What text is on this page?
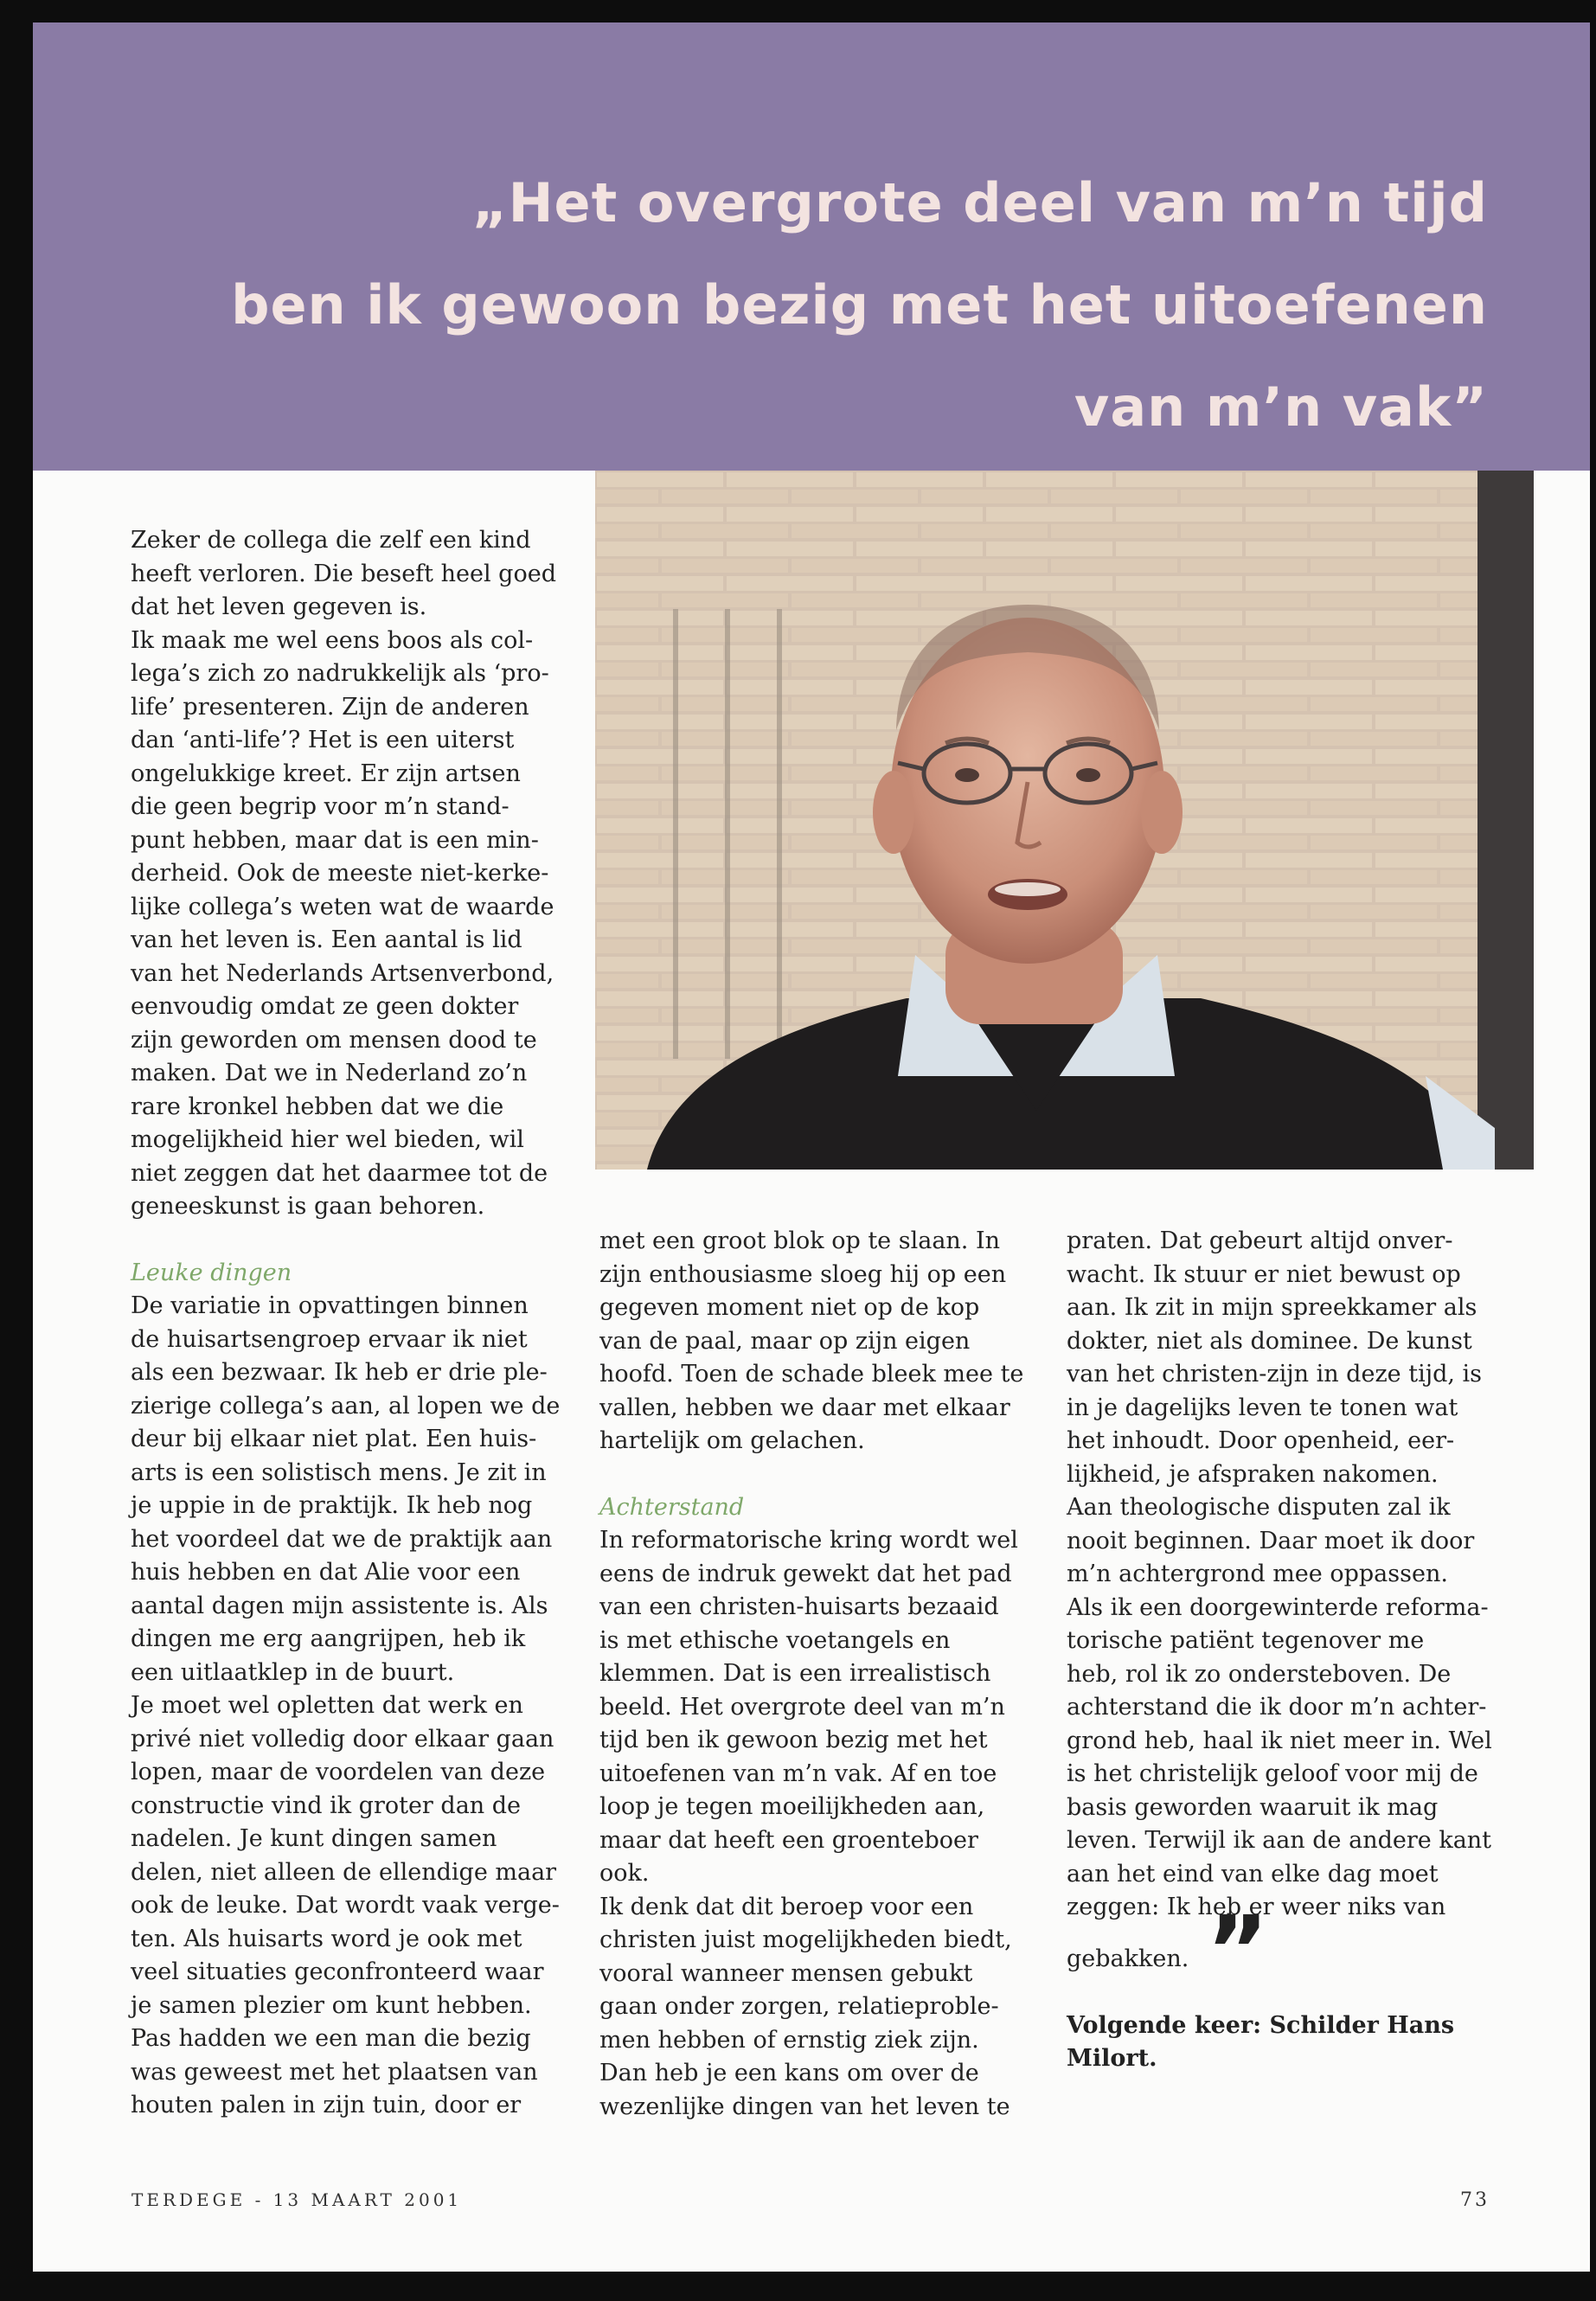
„Het overgrote deel van m’n tijd
ben ik gewoon bezig met het uitoefenen
van m’n vak”

Zeker de collega die zelf een kind
heeft verloren. Die beseft heel goed
dat het leven gegeven is.
Ik maak me wel eens boos als col-
lega’s zich zo nadrukkelijk als ‘pro-
life’ presenteren. Zijn de anderen
dan ‘anti-life’? Het is een uiterst
ongelukkige kreet. Er zijn artsen
die geen begrip voor m’n stand-
punt hebben, maar dat is een min-
derheid. Ook de meeste niet-kerke-
lijke collega’s weten wat de waarde
van het leven is. Een aantal is lid
van het Nederlands Artsenverbond,
eenvoudig omdat ze geen dokter
zijn geworden om mensen dood te
maken. Dat we in Nederland zo’n
rare kronkel hebben dat we die
mogelijkheid hier wel bieden, wil
niet zeggen dat het daarmee tot de
geneeskunst is gaan behoren.

Leuke dingen

De variatie in opvattingen binnen
de huisartsengroep ervaar ik niet
als een bezwaar. Ik heb er drie ple-
zierige collega’s aan, al lopen we de
deur bij elkaar niet plat. Een huis-
arts is een solistisch mens. Je zit in
je uppie in de praktijk. Ik heb nog
het voordeel dat we de praktijk aan
huis hebben en dat Alie voor een
aantal dagen mijn assistente is. Als
dingen me erg aangrijpen, heb ik
een uitlaatklep in de buurt.
Je moet wel opletten dat werk en
privé niet volledig door elkaar gaan
lopen, maar de voordelen van deze
constructie vind ik groter dan de
nadelen. Je kunt dingen samen
delen, niet alleen de ellendige maar
ook de leuke. Dat wordt vaak verge-
ten. Als huisarts word je ook met
veel situaties geconfronteerd waar
je samen plezier om kunt hebben.
Pas hadden we een man die bezig
was geweest met het plaatsen van
houten palen in zijn tuin, door er

met een groot blok op te slaan. In
zijn enthousiasme sloeg hij op een
gegeven moment niet op de kop
van de paal, maar op zijn eigen
hoofd. Toen de schade bleek mee te
vallen, hebben we daar met elkaar
hartelijk om gelachen.

Achterstand

In reformatorische kring wordt wel
eens de indruk gewekt dat het pad
van een christen-huisarts bezaaid
is met ethische voetangels en
klemmen. Dat is een irrealistisch
beeld. Het overgrote deel van m’n
tijd ben ik gewoon bezig met het
uitoefenen van m’n vak. Af en toe
loop je tegen moeilijkheden aan,
maar dat heeft een groenteboer
ook.
Ik denk dat dit beroep voor een
christen juist mogelijkheden biedt,
vooral wanneer mensen gebukt
gaan onder zorgen, relatieproble-
men hebben of ernstig ziek zijn.
Dan heb je een kans om over de
wezenlijke dingen van het leven te

praten. Dat gebeurt altijd onver-
wacht. Ik stuur er niet bewust op
aan. Ik zit in mijn spreekkamer als
dokter, niet als dominee. De kunst
van het christen-zijn in deze tijd, is
in je dagelijks leven te tonen wat
het inhoudt. Door openheid, eer-
lijkheid, je afspraken nakomen.
Aan theologische disputen zal ik
nooit beginnen. Daar moet ik door
m’n achtergrond mee oppassen.
Als ik een doorgewinterde reforma-
torische patiënt tegenover me
heb, rol ik zo ondersteboven. De
achterstand die ik door m’n achter-
grond heb, haal ik niet meer in. Wel
is het christelijk geloof voor mij de
basis geworden waaruit ik mag
leven. Terwijl ik aan de andere kant
aan het eind van elke dag moet
zeggen: Ik heb er weer niks van
gebakken. ”

Volgende keer: Schilder Hans
Milort.

TERDEGE - 13 MAART 2001	73
